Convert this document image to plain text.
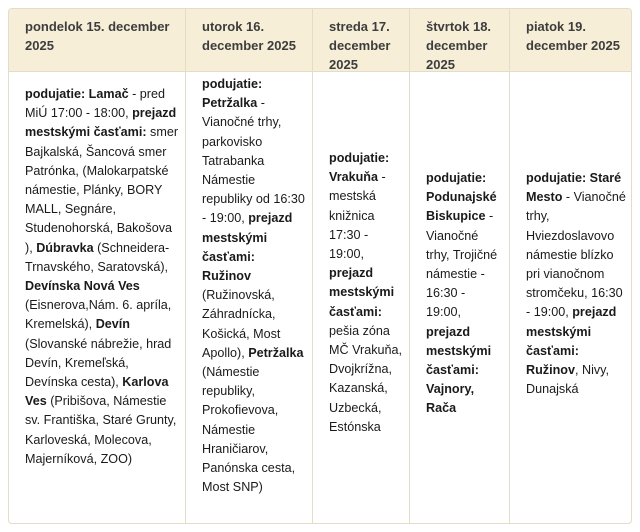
pondelok 15. december 2025
podujatie: Lamač - pred MiÚ 17:00 - 18:00, prejazd mestskými časťami: smer Bajkalská, Šancová smer Patrónka, (Malokarpatské námestie, Plánky, BORY MALL, Segnáre, Studenohorská, Bakošova ), Dúbravka (Schneidera-Trnavského, Saratovská), Devínska Nová Ves (Eisnerova,Nám. 6. apríla, Kremelská), Devín (Slovanské nábrežie, hrad Devín, Kremeľská, Devínska cesta), Karlova Ves (Pribišova, Námestie sv. Františka, Staré Grunty, Karloveská, Molecova, Majerníková, ZOO)
utorok 16. december 2025
podujatie: Petržalka - Vianočné trhy, parkovisko Tatrabanka Námestie republiky od 16:30 - 19:00, prejazd mestskými časťami: Ružinov (Ružinovská, Záhradnícka, Košická, Most Apollo), Petržalka (Námestie republiky, Prokofievova, Námestie Hraničiarov, Panónska cesta, Most SNP)
streda 17. december 2025
podujatie: Vrakuňa - mestská knižnica 17:30 - 19:00, prejazd mestskými časťami: pešia zóna MČ Vrakuňa, Dvojkrížna, Kazanská, Uzbecká, Estónska
štvrtok 18. december 2025
podujatie: Podunajské Biskupice - Vianočné trhy, Trojičné námestie - 16:30 - 19:00, prejazd mestskými časťami: Vajnory, Rača
piatok 19. december 2025
podujatie: Staré Mesto - Vianočné trhy, Hviezdoslavovo námestie blízko pri vianočnom stromčeku, 16:30 - 19:00, prejazd mestskými časťami: Ružinov, Nivy, Dunajská
